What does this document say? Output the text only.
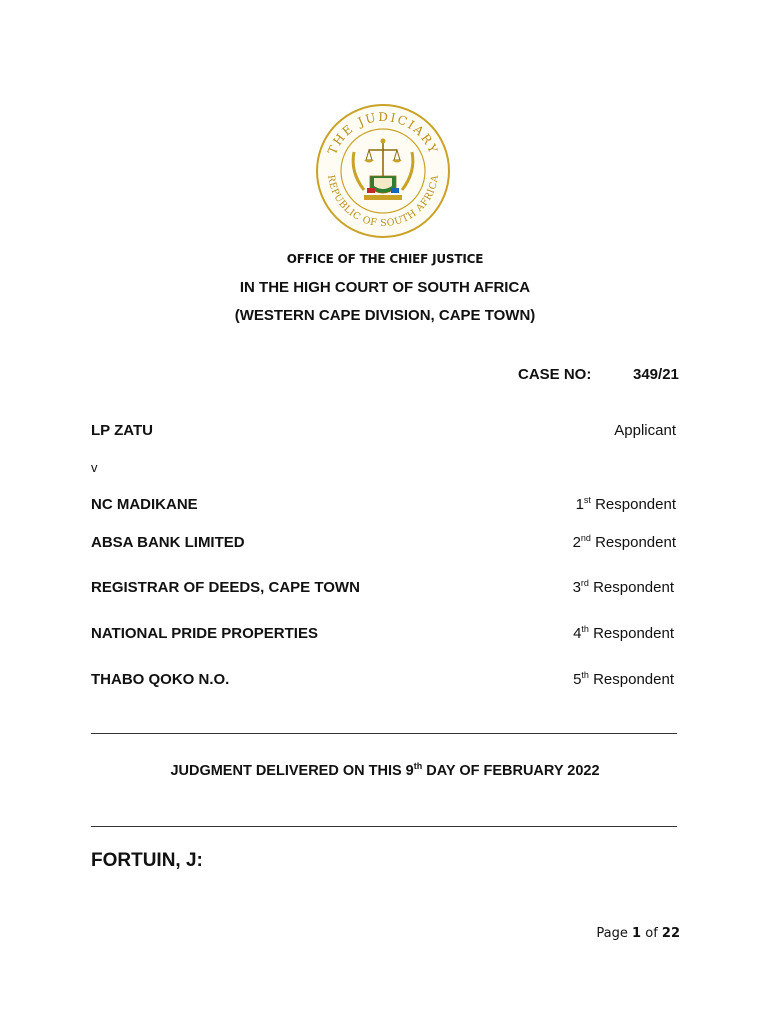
THE JUDICIARY
REPUBLIC OF SOUTH AFRICA
OFFICE OF THE CHIEF JUSTICE
IN THE HIGH COURT OF SOUTH AFRICA
(WESTERN CAPE DIVISION, CAPE TOWN)
CASE NO:	349/21
LP ZATU	Applicant
v
NC MADIKANE	1st Respondent
ABSA BANK LIMITED	2nd Respondent
REGISTRAR OF DEEDS, CAPE TOWN	3rd Respondent
NATIONAL PRIDE PROPERTIES	4th Respondent
THABO QOKO N.O.	5th Respondent
JUDGMENT DELIVERED ON THIS 9th DAY OF FEBRUARY 2022
FORTUIN, J:
Page 1 of 22
